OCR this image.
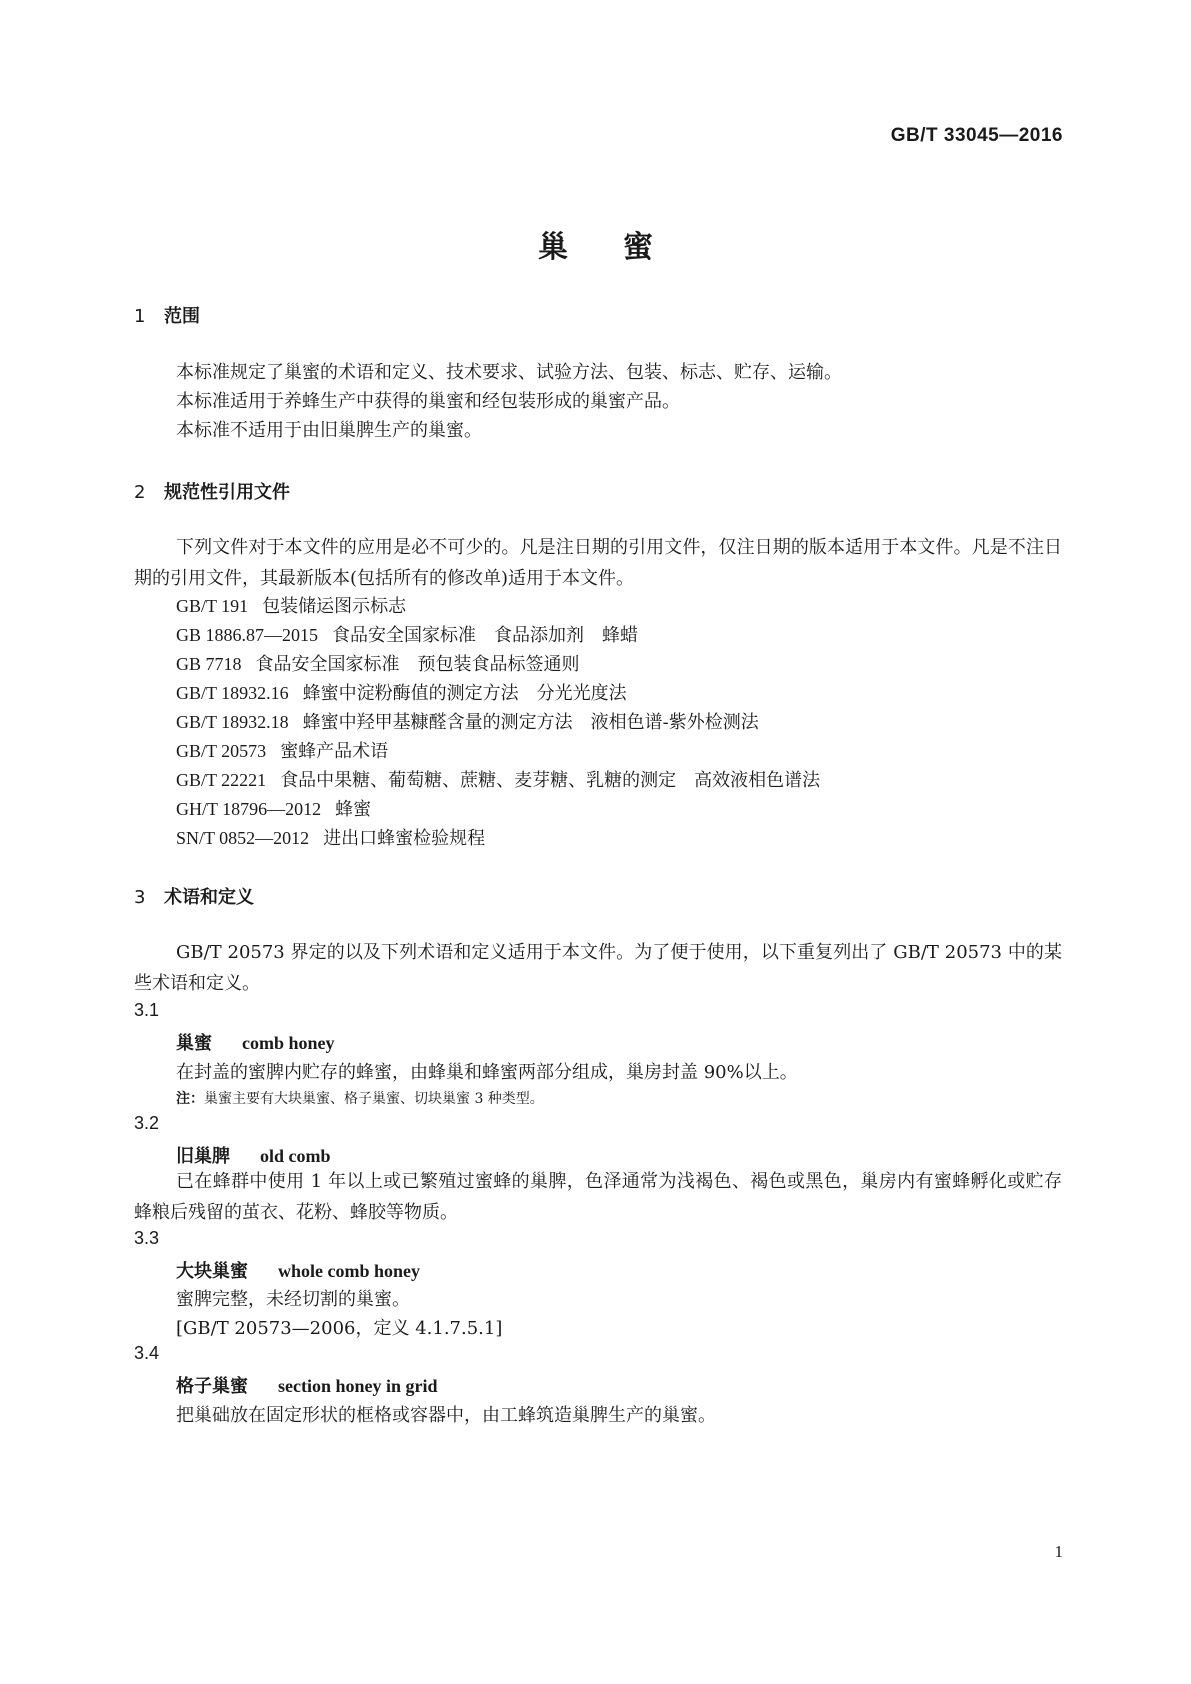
GB/T 33045—2016
巢蜜
1 范围
本标准规定了巢蜜的术语和定义、技术要求、试验方法、包装、标志、贮存、运输。
本标准适用于养蜂生产中获得的巢蜜和经包装形成的巢蜜产品。
本标准不适用于由旧巢脾生产的巢蜜。
2 规范性引用文件
下列文件对于本文件的应用是必不可少的。凡是注日期的引用文件，仅注日期的版本适用于本文件。凡是不注日期的引用文件，其最新版本(包括所有的修改单)适用于本文件。
GB/T 191 包装储运图示标志
GB 1886.87—2015 食品安全国家标准　食品添加剂　蜂蜡
GB 7718 食品安全国家标准　预包装食品标签通则
GB/T 18932.16 蜂蜜中淀粉酶值的测定方法　分光光度法
GB/T 18932.18 蜂蜜中羟甲基糠醛含量的测定方法　液相色谱-紫外检测法
GB/T 20573 蜜蜂产品术语
GB/T 22221 食品中果糖、葡萄糖、蔗糖、麦芽糖、乳糖的测定　高效液相色谱法
GH/T 18796—2012 蜂蜜
SN/T 0852—2012 进出口蜂蜜检验规程
3 术语和定义
GB/T 20573 界定的以及下列术语和定义适用于本文件。为了便于使用，以下重复列出了 GB/T 20573 中的某些术语和定义。
3.1
巢蜜 comb honey
在封盖的蜜脾内贮存的蜂蜜，由蜂巢和蜂蜜两部分组成，巢房封盖 90%以上。
注：巢蜜主要有大块巢蜜、格子巢蜜、切块巢蜜 3 种类型。
3.2
旧巢脾 old comb
已在蜂群中使用 1 年以上或已繁殖过蜜蜂的巢脾，色泽通常为浅褐色、褐色或黑色，巢房内有蜜蜂孵化或贮存蜂粮后残留的茧衣、花粉、蜂胶等物质。
3.3
大块巢蜜 whole comb honey
蜜脾完整，未经切割的巢蜜。
[GB/T 20573—2006，定义 4.1.7.5.1]
3.4
格子巢蜜 section honey in grid
把巢础放在固定形状的框格或容器中，由工蜂筑造巢脾生产的巢蜜。
1
